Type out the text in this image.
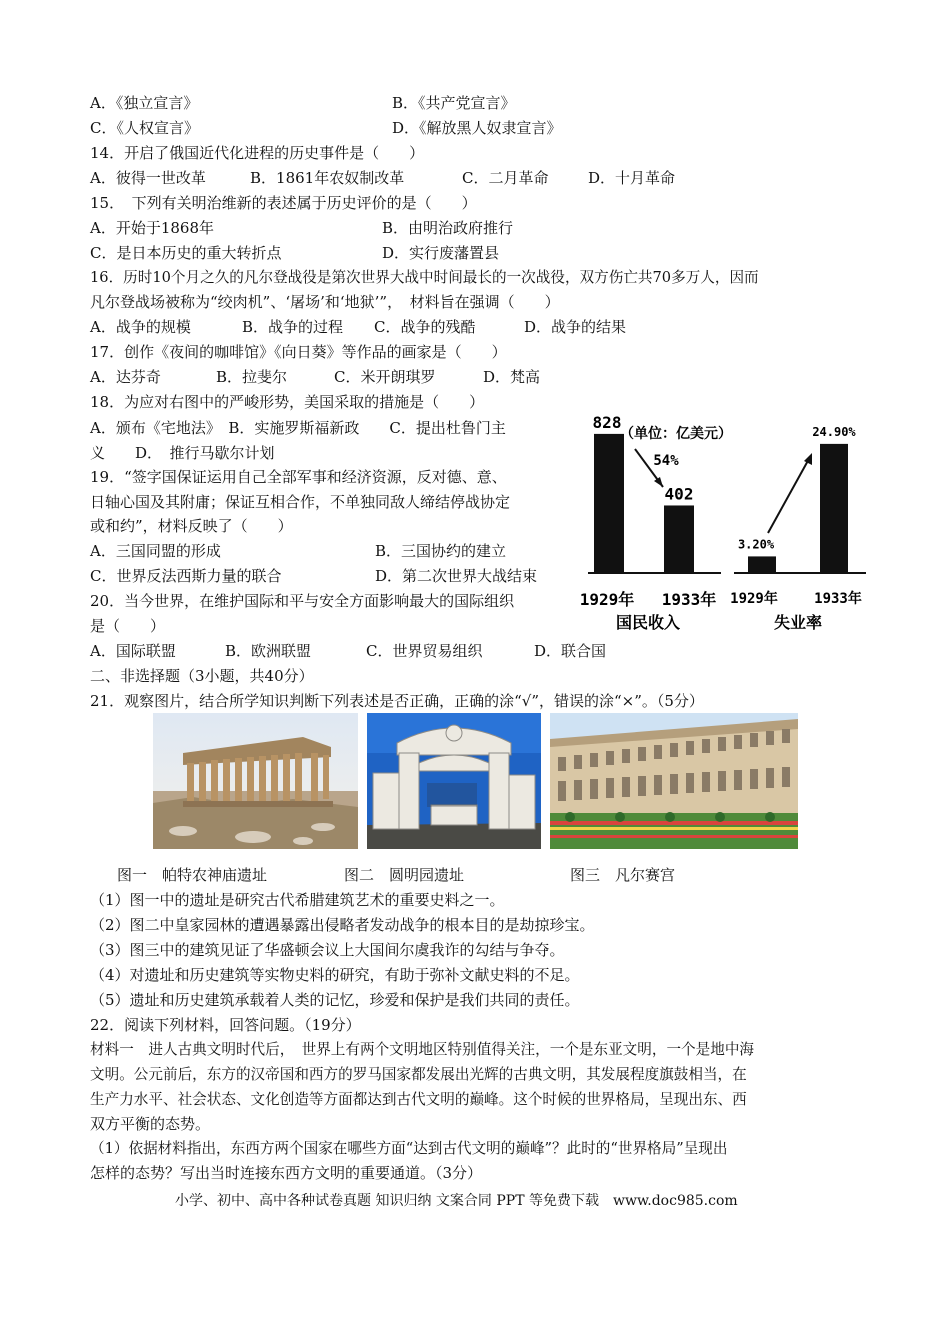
A．《独立宣言》	B．《共产党宣言》
C．《人权宣言》	D．《解放黑人奴隶宣言》
14．开启了俄国近代化进程的历史事件是（　　）
A．彼得一世改革	B．1861年农奴制改革	C．二月革命	D．十月革命
15．　下列有关明治维新的表述属于历史评价的是（　　）
A．开始于1868年	B．由明治政府推行
C．是日本历史的重大转折点	D．实行废藩置县
16．历时10个月之久的凡尔登战役是第次世界大战中时间最长的一次战役，双方伤亡共70多万人，因而
凡尔登战场被称为“绞肉机”、‘屠场’和‘地狱’”，　材料旨在强调（　　）
A．战争的规模	B．战争的过程 C．战争的残酷	D．战争的结果
17．创作《夜间的咖啡馆》《向日葵》等作品的画家是（　　）
A．达芬奇	B．拉斐尔	C．米开朗琪罗	D．梵高
18．为应对右图中的严峻形势，美国采取的措施是（　　）
A．颁布《宅地法》　B．实施罗斯福新政　　C．提出杜鲁门主
义　　D．　推行马歇尔计划
19．“签字国保证运用自己全部军事和经济资源，反对德、意、
日轴心国及其附庸；保证互相合作，不单独同敌人缔结停战协定
或和约”，材料反映了（　　）
A．三国同盟的形成	B．三国协约的建立
C．世界反法西斯力量的联合	D．第二次世界大战结束
20．当今世界，在维护国际和平与安全方面影响最大的国际组织
是（　　）
A．国际联盟	B．欧洲联盟	C．世界贸易组织	D．联合国
二、非选择题（3小题，共40分）
21．观察图片，结合所学知识判断下列表述是否正确，正确的涂“√”，错误的涂“×”。（5分）
828
1929年
402
1933年
（单位：亿美元）
54%
国民收入
3.20%
1929年
24.90%
1933年
失业率
图一　帕特农神庙遗址	图二　圆明园遗址	图三　凡尔赛宫
（1）图一中的遗址是研究古代希腊建筑艺术的重要史料之一。
（2）图二中皇家园林的遭遇暴露出侵略者发动战争的根本目的是劫掠珍宝。
（3）图三中的建筑见证了华盛顿会议上大国间尔虞我诈的勾结与争夺。
（4）对遗址和历史建筑等实物史料的研究，有助于弥补文献史料的不足。
（5）遗址和历史建筑承载着人类的记忆，珍爱和保护是我们共同的责任。
22．阅读下列材料，回答问题。（19分）
材料一　进人古典文明时代后，　世界上有两个文明地区特别值得关注，一个是东亚文明，一个是地中海
文明。公元前后，东方的汉帝国和西方的罗马国家都发展出光辉的古典文明，其发展程度旗鼓相当，在
生产力水平、社会状态、文化创造等方面都达到古代文明的巅峰。这个时候的世界格局，呈现出东、西
双方平衡的态势。
（1）依据材料指出，东西方两个国家在哪些方面“达到古代文明的巅峰”？此时的“世界格局”呈现出
怎样的态势？写出当时连接东西方文明的重要通道。（3分）
小学、初中、高中各种试卷真题 知识归纳 文案合同 PPT 等免费下载　www.doc985.com
